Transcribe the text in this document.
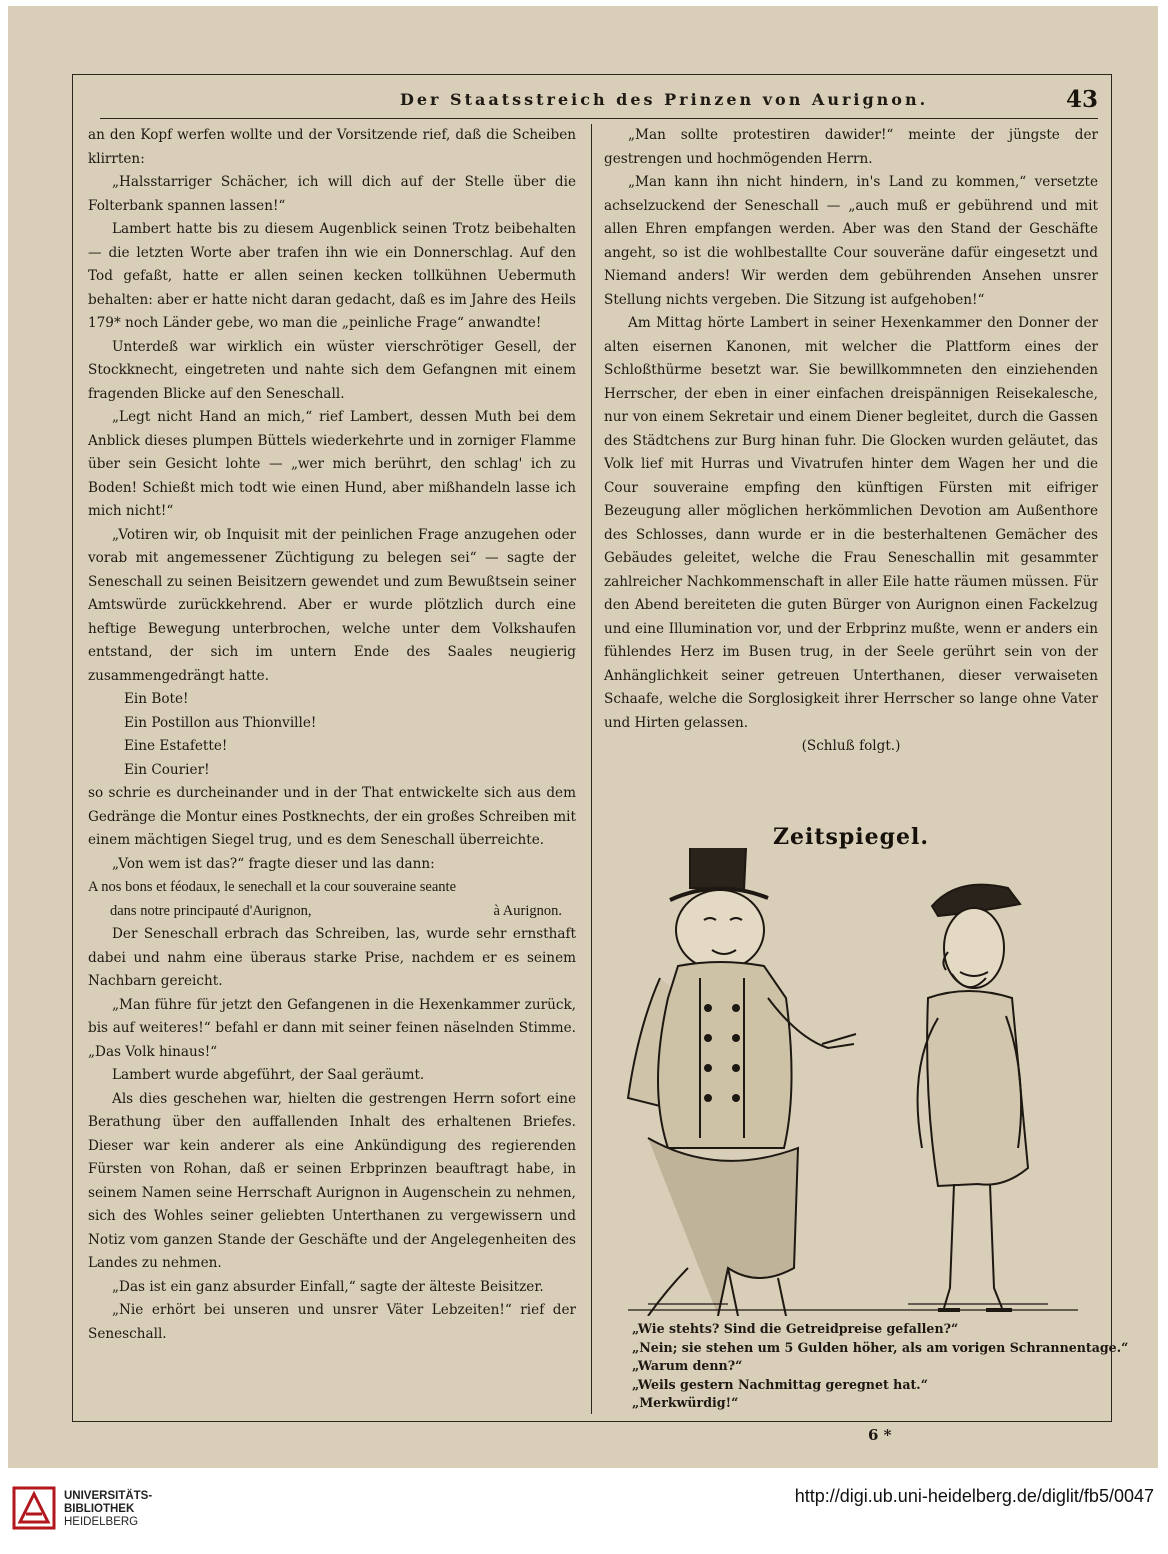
Der Staatsstreich des Prinzen von Aurignon.	43

an den Kopf werfen wollte und der Vorsitzende rief, daß die Scheiben klirrten:

„Halsstarriger Schächer, ich will dich auf der Stelle über die Folterbank spannen lassen!“

Lambert hatte bis zu diesem Augenblick seinen Trotz beibehalten — die letzten Worte aber trafen ihn wie ein Donnerschlag. Auf den Tod gefaßt, hatte er allen seinen kecken tollkühnen Uebermuth behalten: aber er hatte nicht daran gedacht, daß es im Jahre des Heils 179* noch Länder gebe, wo man die „peinliche Frage“ anwandte!

Unterdeß war wirklich ein wüster vierschrötiger Gesell, der Stockknecht, eingetreten und nahte sich dem Gefangnen mit einem fragenden Blicke auf den Seneschall.

„Legt nicht Hand an mich,“ rief Lambert, dessen Muth bei dem Anblick dieses plumpen Büttels wiederkehrte und in zorniger Flamme über sein Gesicht lohte — „wer mich berührt, den schlag' ich zu Boden! Schießt mich todt wie einen Hund, aber mißhandeln lasse ich mich nicht!“

„Votiren wir, ob Inquisit mit der peinlichen Frage anzugehen oder vorab mit angemessener Züchtigung zu belegen sei“ — sagte der Seneschall zu seinen Beisitzern gewendet und zum Bewußtsein seiner Amtswürde zurückkehrend. Aber er wurde plötzlich durch eine heftige Bewegung unterbrochen, welche unter dem Volkshaufen entstand, der sich im untern Ende des Saales neugierig zusammengedrängt hatte.

Ein Bote!

Ein Postillon aus Thionville!

Eine Estafette!

Ein Courier!

so schrie es durcheinander und in der That entwickelte sich aus dem Gedränge die Montur eines Postknechts, der ein großes Schreiben mit einem mächtigen Siegel trug, und es dem Seneschall überreichte.

„Von wem ist das?“ fragte dieser und las dann:

A nos bons et féodaux, le senechall et la cour souveraine seante

dans notre principauté d'Aurignon,	à Aurignon.

Der Seneschall erbrach das Schreiben, las, wurde sehr ernsthaft dabei und nahm eine überaus starke Prise, nachdem er es seinem Nachbarn gereicht.

„Man führe für jetzt den Gefangenen in die Hexenkammer zurück, bis auf weiteres!“ befahl er dann mit seiner feinen näselnden Stimme. „Das Volk hinaus!“

Lambert wurde abgeführt, der Saal geräumt.

Als dies geschehen war, hielten die gestrengen Herrn sofort eine Berathung über den auffallenden Inhalt des erhaltenen Briefes. Dieser war kein anderer als eine Ankündigung des regierenden Fürsten von Rohan, daß er seinen Erbprinzen beauftragt habe, in seinem Namen seine Herrschaft Aurignon in Augenschein zu nehmen, sich des Wohles seiner geliebten Unterthanen zu vergewissern und Notiz vom ganzen Stande der Geschäfte und der Angelegenheiten des Landes zu nehmen.

„Das ist ein ganz absurder Einfall,“ sagte der älteste Beisitzer.

„Nie erhört bei unseren und unsrer Väter Lebzeiten!“ rief der Seneschall.

„Man sollte protestiren dawider!“ meinte der jüngste der gestrengen und hochmögenden Herrn.

„Man kann ihn nicht hindern, in's Land zu kommen,“ versetzte achselzuckend der Seneschall — „auch muß er gebührend und mit allen Ehren empfangen werden. Aber was den Stand der Geschäfte angeht, so ist die wohlbestallte Cour souveräne dafür eingesetzt und Niemand anders! Wir werden dem gebührenden Ansehen unsrer Stellung nichts vergeben. Die Sitzung ist aufgehoben!“

Am Mittag hörte Lambert in seiner Hexenkammer den Donner der alten eisernen Kanonen, mit welcher die Plattform eines der Schloßthürme besetzt war. Sie bewillkommneten den einziehenden Herrscher, der eben in einer einfachen dreispännigen Reisekalesche, nur von einem Sekretair und einem Diener begleitet, durch die Gassen des Städtchens zur Burg hinan fuhr. Die Glocken wurden geläutet, das Volk lief mit Hurras und Vivatrufen hinter dem Wagen her und die Cour souveraine empfing den künftigen Fürsten mit eifriger Bezeugung aller möglichen herkömmlichen Devotion am Außenthore des Schlosses, dann wurde er in die besterhaltenen Gemächer des Gebäudes geleitet, welche die Frau Seneschallin mit gesammter zahlreicher Nachkommenschaft in aller Eile hatte räumen müssen. Für den Abend bereiteten die guten Bürger von Aurignon einen Fackelzug und eine Illumination vor, und der Erbprinz mußte, wenn er anders ein fühlendes Herz im Busen trug, in der Seele gerührt sein von der Anhänglichkeit seiner getreuen Unterthanen, dieser verwaiseten Schaafe, welche die Sorglosigkeit ihrer Herrscher so lange ohne Vater und Hirten gelassen.

(Schluß folgt.)

Zeitspiegel.
„Wie stehts? Sind die Getreidpreise gefallen?“
„Nein; sie stehen um 5 Gulden höher, als am vorigen Schrannentage.“
„Warum denn?“
„Weils gestern Nachmittag geregnet hat.“
„Merkwürdig!“
6 *
UNIVERSITÄTS-
BIBLIOTHEK
HEIDELBERG
http://digi.ub.uni-heidelberg.de/diglit/fb5/0047
